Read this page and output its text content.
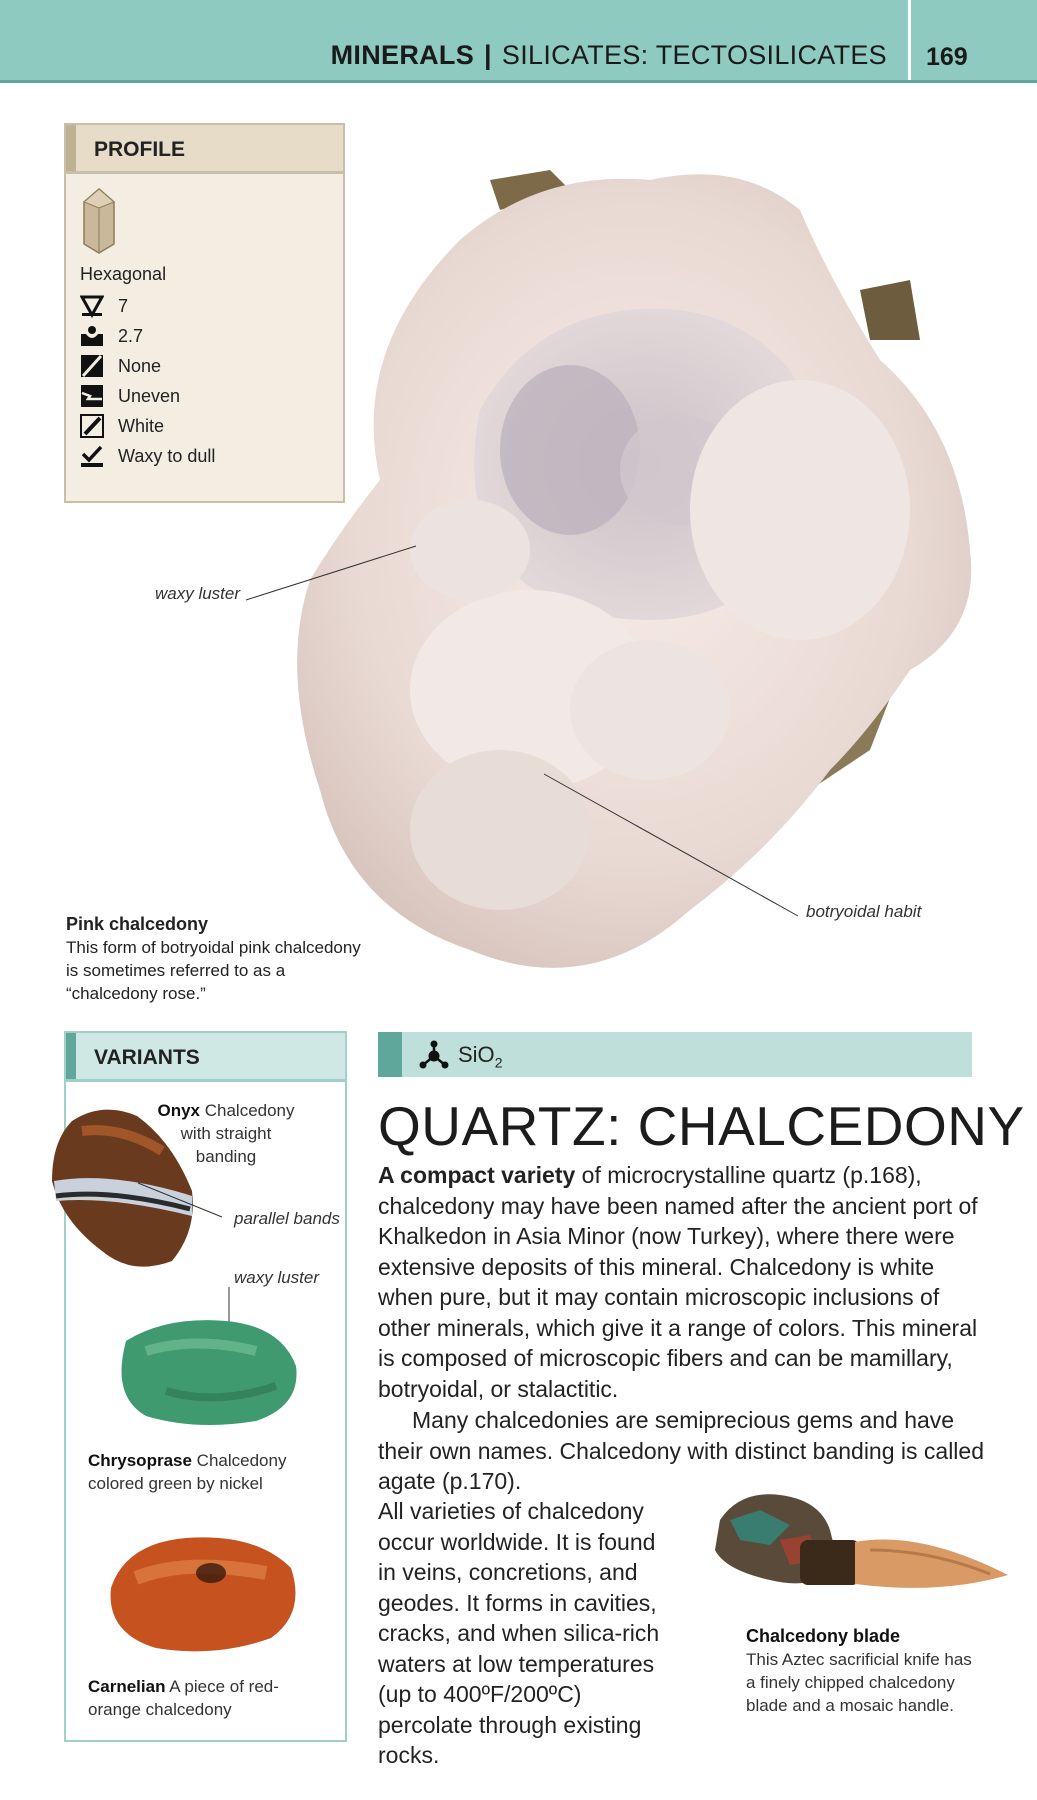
MINERALS | SILICATES: TECTOSILICATES 169
PROFILE
Hexagonal
7
2.7
None
Uneven
White
Waxy to dull
waxy luster
botryoidal habit
Pink chalcedony
This form of botryoidal pink chalcedony is sometimes referred to as a “chalcedony rose.”
VARIANTS
Onyx Chalcedony with straight banding
parallel bands
waxy luster
Chrysoprase Chalcedony colored green by nickel
Carnelian A piece of red-orange chalcedony
SiO$_2$
QUARTZ: CHALCEDONY
A compact variety of microcrystalline quartz (p.168), chalcedony may have been named after the ancient port of Khalkedon in Asia Minor (now Turkey), where there were extensive deposits of this mineral. Chalcedony is white when pure, but it may contain microscopic inclusions of other minerals, which give it a range of colors. This mineral is composed of microscopic fibers and can be mamillary, botryoidal, or stalactitic.
Many chalcedonies are semiprecious gems and have their own names. Chalcedony with distinct banding is called agate (p.170).
All varieties of chalcedony occur worldwide. It is found in veins, concretions, and geodes. It forms in cavities, cracks, and when silica-rich waters at low temperatures (up to 400ºF/200ºC) percolate through existing rocks.
Chalcedony blade
This Aztec sacrificial knife has a finely chipped chalcedony blade and a mosaic handle.
